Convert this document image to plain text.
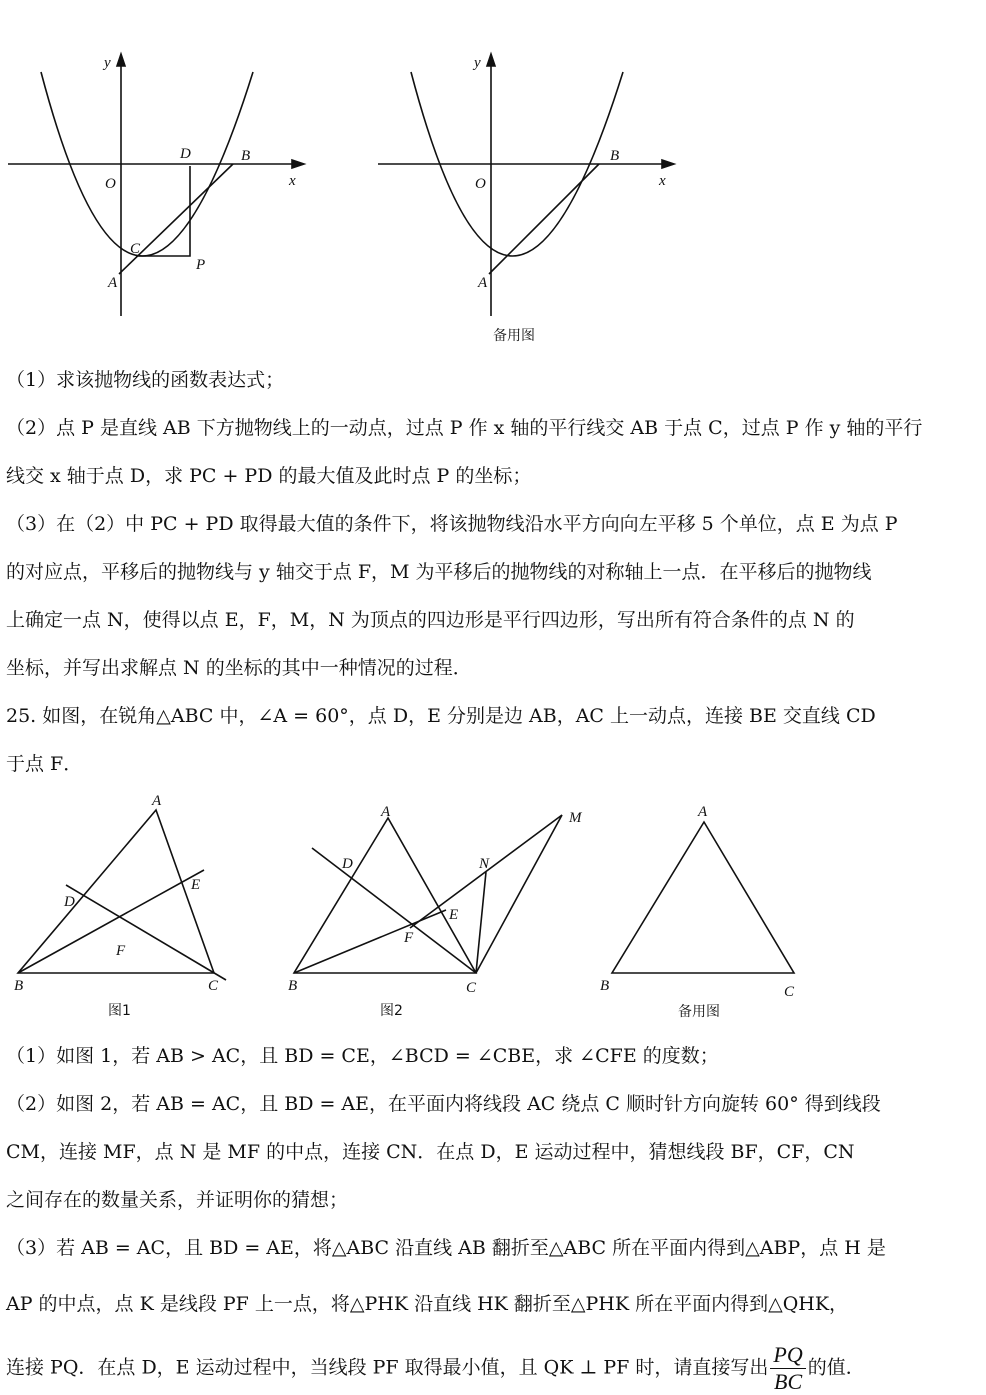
y
x
O
A
B
C
D
P
y
x
O
A
B
备用图
（1）求该抛物线的函数表达式；
（2）点 P 是直线 AB 下方抛物线上的一动点，过点 P 作 x 轴的平行线交 AB 于点 C，过点 P 作 y 轴的平行
线交 x 轴于点 D，求 PC + PD 的最大值及此时点 P 的坐标；
（3）在（2）中 PC + PD 取得最大值的条件下，将该抛物线沿水平方向向左平移 5 个单位，点 E 为点 P
的对应点，平移后的抛物线与 y 轴交于点 F，M 为平移后的抛物线的对称轴上一点．在平移后的抛物线
上确定一点 N，使得以点 E，F，M，N 为顶点的四边形是平行四边形，写出所有符合条件的点 N 的
坐标，并写出求解点 N 的坐标的其中一种情况的过程．
25. 如图，在锐角△ABC 中，∠A = 60°，点 D，E 分别是边 AB，AC 上一动点，连接 BE 交直线 CD
于点 F．
A
B	C
D
E
F
图1
A
B	C
D
E
F
M
N
图2
A
B	C
备用图
（1）如图 1，若 AB > AC，且 BD = CE，∠BCD = ∠CBE，求 ∠CFE 的度数；
（2）如图 2，若 AB = AC，且 BD = AE，在平面内将线段 AC 绕点 C 顺时针方向旋转 60° 得到线段
CM，连接 MF，点 N 是 MF 的中点，连接 CN．在点 D，E 运动过程中，猜想线段 BF，CF，CN
之间存在的数量关系，并证明你的猜想；
（3）若 AB = AC，且 BD = AE，将△ABC 沿直线 AB 翻折至△ABC 所在平面内得到△ABP，点 H 是
AP 的中点，点 K 是线段 PF 上一点，将△PHK 沿直线 HK 翻折至△PHK 所在平面内得到△QHK，
连接 PQ．在点 D，E 运动过程中，当线段 PF 取得最小值，且 QK ⊥ PF 时，请直接写出 $\frac{PQ}{BC}$ 的值．
